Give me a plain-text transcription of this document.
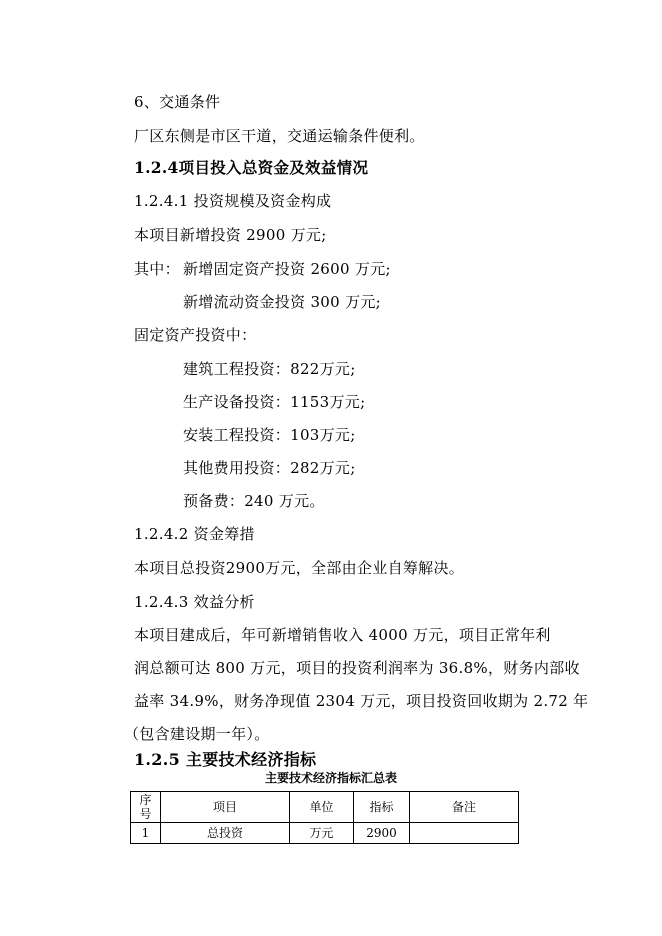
6、交通条件
厂区东侧是市区干道，交通运输条件便利。
1.2.4项目投入总资金及效益情况
1.2.4.1 投资规模及资金构成
本项目新增投资 2900 万元;
其中： 新增固定资产投资 2600 万元;
新增流动资金投资 300 万元;
固定资产投资中：
建筑工程投资：822万元;
生产设备投资：1153万元;
安装工程投资：103万元;
其他费用投资：282万元;
预备费：240 万元。
1.2.4.2 资金筹措
本项目总投资2900万元，全部由企业自筹解决。
1.2.4.3 效益分析
本项目建成后，年可新增销售收入 4000 万元，项目正常年利
润总额可达 800 万元，项目的投资利润率为 36.8%，财务内部收
益率 34.9%，财务净现值 2304 万元，项目投资回收期为 2.72 年
（包含建设期一年）。
1.2.5 主要技术经济指标
主要技术经济指标汇总表
序
号	项目	单位	指标	备注
1	总投资	万元	2900	
